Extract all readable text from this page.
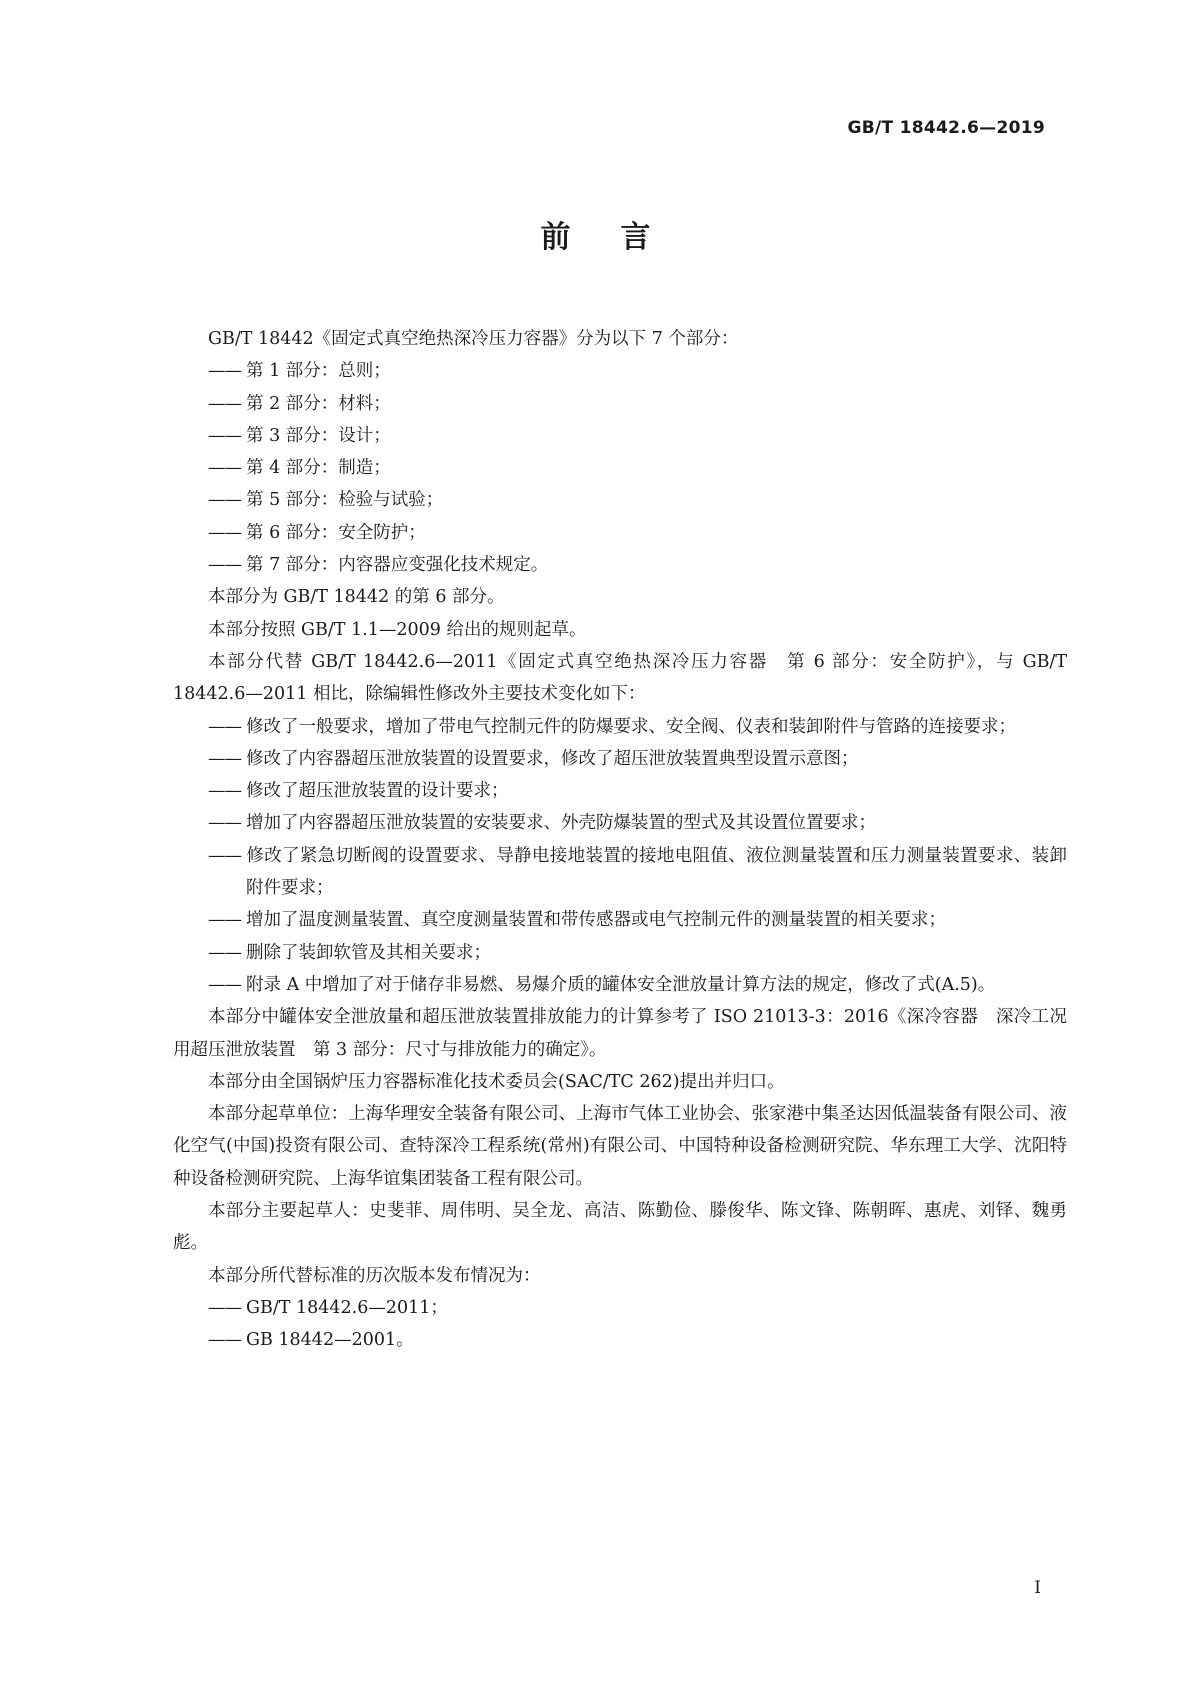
GB/T 18442.6—2019
前言

GB/T 18442《固定式真空绝热深冷压力容器》分为以下 7 个部分：

—— 第 1 部分：总则；

—— 第 2 部分：材料；

—— 第 3 部分：设计；

—— 第 4 部分：制造；

—— 第 5 部分：检验与试验；

—— 第 6 部分：安全防护；

—— 第 7 部分：内容器应变强化技术规定。

本部分为 GB/T 18442 的第 6 部分。

本部分按照 GB/T 1.1—2009 给出的规则起草。

本部分代替 GB/T 18442.6—2011《固定式真空绝热深冷压力容器　第 6 部分：安全防护》，与 GB/T 18442.6—2011 相比，除编辑性修改外主要技术变化如下：

—— 修改了一般要求，增加了带电气控制元件的防爆要求、安全阀、仪表和装卸附件与管路的连接要求；

—— 修改了内容器超压泄放装置的设置要求，修改了超压泄放装置典型设置示意图；

—— 修改了超压泄放装置的设计要求；

—— 增加了内容器超压泄放装置的安装要求、外壳防爆装置的型式及其设置位置要求；

—— 修改了紧急切断阀的设置要求、导静电接地装置的接地电阻值、液位测量装置和压力测量装置要求、装卸附件要求；

—— 增加了温度测量装置、真空度测量装置和带传感器或电气控制元件的测量装置的相关要求；

—— 删除了装卸软管及其相关要求；

—— 附录 A 中增加了对于储存非易燃、易爆介质的罐体安全泄放量计算方法的规定，修改了式(A.5)。

本部分中罐体安全泄放量和超压泄放装置排放能力的计算参考了 ISO 21013-3：2016《深冷容器　深冷工况用超压泄放装置　第 3 部分：尺寸与排放能力的确定》。

本部分由全国锅炉压力容器标准化技术委员会(SAC/TC 262)提出并归口。

本部分起草单位：上海华理安全装备有限公司、上海市气体工业协会、张家港中集圣达因低温装备有限公司、液化空气(中国)投资有限公司、查特深冷工程系统(常州)有限公司、中国特种设备检测研究院、华东理工大学、沈阳特种设备检测研究院、上海华谊集团装备工程有限公司。

本部分主要起草人：史斐菲、周伟明、吴全龙、高洁、陈勤俭、滕俊华、陈文锋、陈朝晖、惠虎、刘铎、魏勇彪。

本部分所代替标准的历次版本发布情况为：

—— GB/T 18442.6—2011；

—— GB 18442—2001。

I
